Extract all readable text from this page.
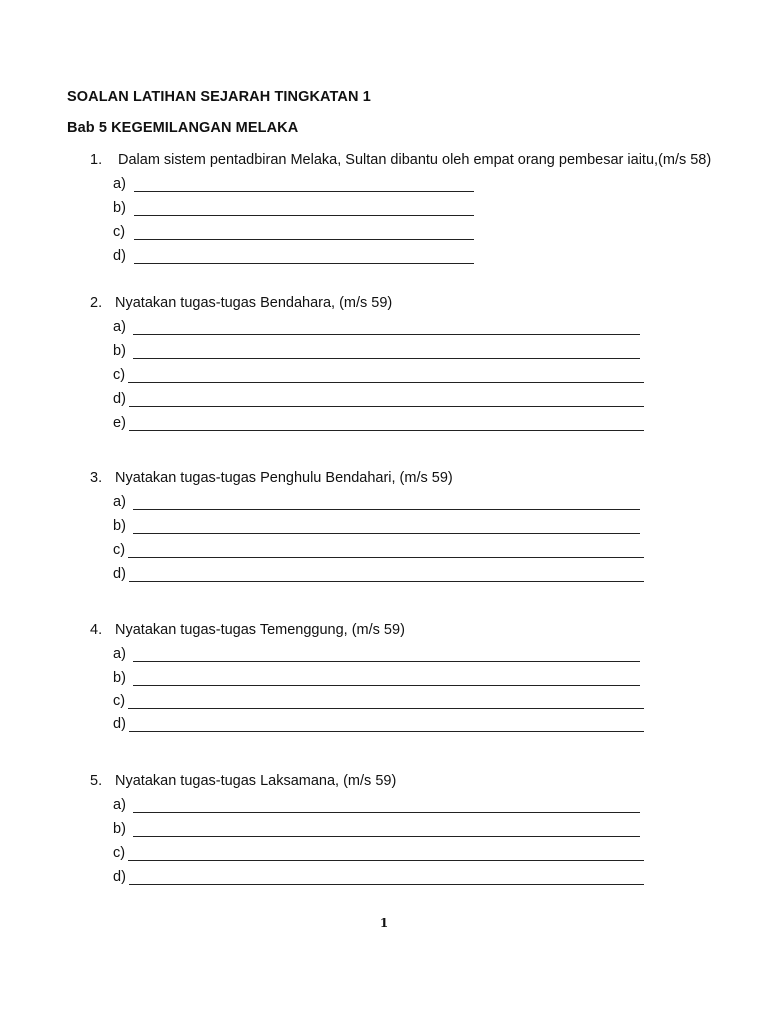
SOALAN LATIHAN SEJARAH TINGKATAN 1
Bab 5 KEGEMILANGAN MELAKA
1. Dalam sistem pentadbiran Melaka, Sultan dibantu oleh empat orang pembesar iaitu,(m/s 58)
a)
b)
c)
d)
2. Nyatakan tugas-tugas Bendahara, (m/s 59)
a)
b)
c)
d)
e)
3. Nyatakan tugas-tugas Penghulu Bendahari, (m/s 59)
a)
b)
c)
d)
4. Nyatakan tugas-tugas Temenggung, (m/s 59)
a)
b)
c)
d)
5. Nyatakan tugas-tugas Laksamana, (m/s 59)
a)
b)
c)
d)
1
